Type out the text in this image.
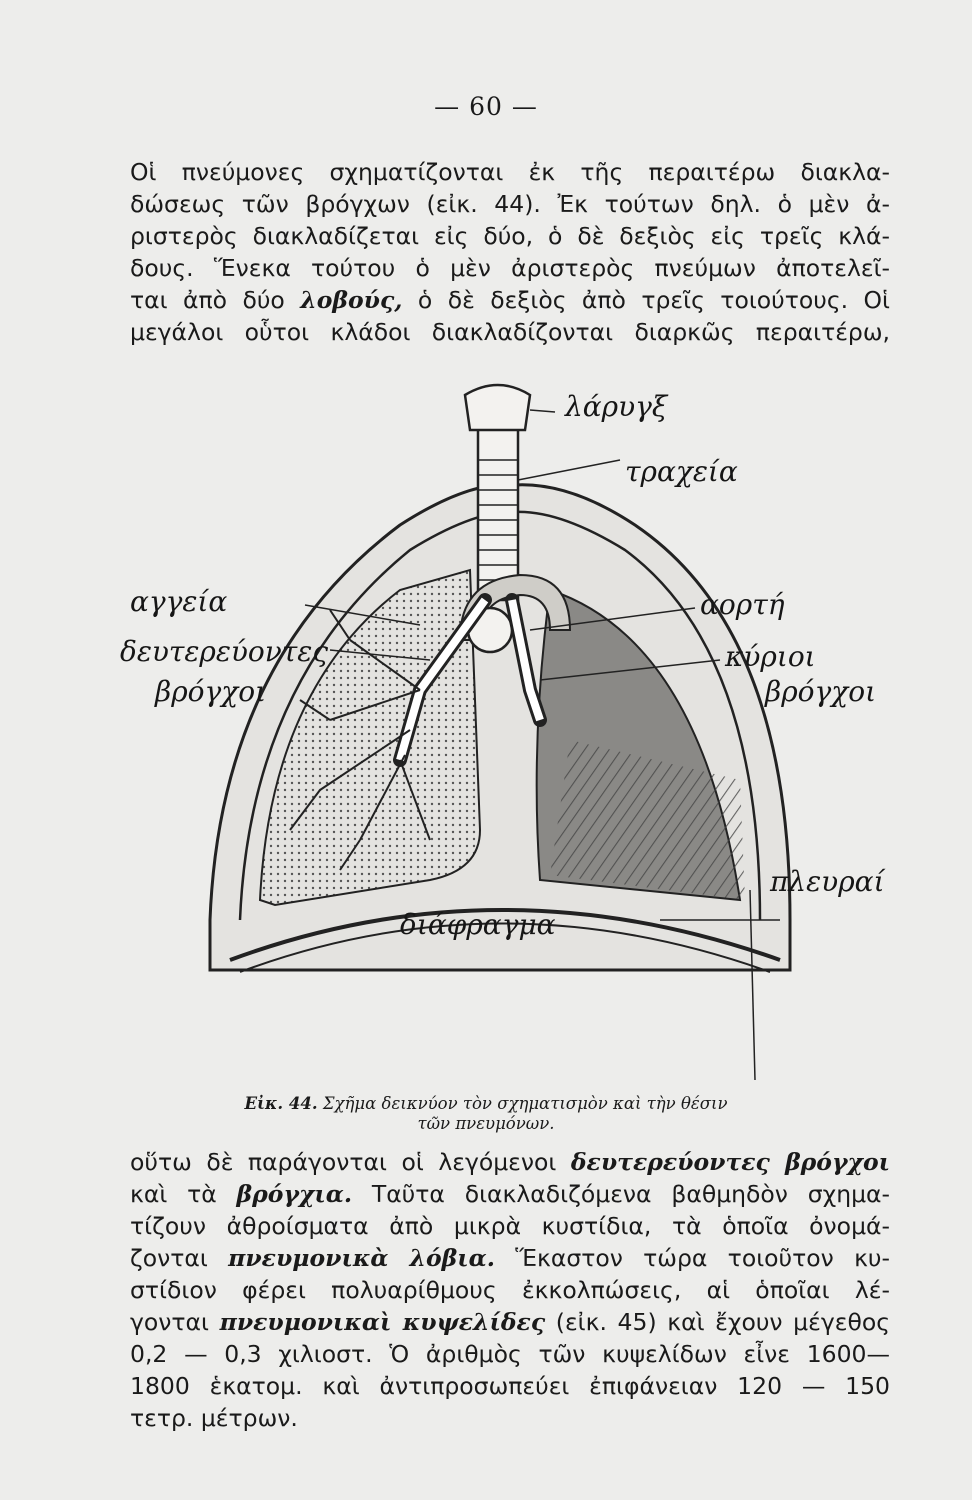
— 60 —
Οἱ πνεύμονες σχηματίζονται ἐκ τῆς περαιτέρω διακλα-
δώσεως τῶν βρόγχων (εἰκ. 44). Ἐκ τούτων δηλ. ὁ μὲν ἀ-
ριστερὸς διακλαδίζεται εἰς δύο, ὁ δὲ δεξιὸς εἰς τρεῖς κλά-
δους. Ἕνεκα τούτου ὁ μὲν ἀριστερὸς πνεύμων ἀποτελεῖ-
ται ἀπὸ δύο λοβούς, ὁ δὲ δεξιὸς ἀπὸ τρεῖς τοιούτους. Οἱ
μεγάλοι οὗτοι κλάδοι διακλαδίζονται διαρκῶς περαιτέρω,
λάρυγξ
τραχεία
αγγεία
δευτερεύοντες
βρόγχοι
αορτή
κύριοι
βρόγχοι
πλευραί
διάφραγμα
Εἰκ. 44. Σχῆμα δεικνύον τὸν σχηματισμὸν καὶ τὴν θέσιν
τῶν πνευμόνων.
οὕτω δὲ παράγονται οἱ λεγόμενοι δευτερεύοντες βρόγχοι
καὶ τὰ βρόγχια. Ταῦτα διακλαδιζόμενα βαθμηδὸν σχημα-
τίζουν ἀθροίσματα ἀπὸ μικρὰ κυστίδια, τὰ ὁποῖα ὀνομά-
ζονται πνευμονικὰ λόβια. Ἕκαστον τώρα τοιοῦτον κυ-
στίδιον φέρει πολυαρίθμους ἐκκολπώσεις, αἱ ὁποῖαι λέ-
γονται πνευμονικαὶ κυψελίδες (εἰκ. 45) καὶ ἔχουν μέγεθος
0,2 — 0,3 χιλιοστ. Ὁ ἀριθμὸς τῶν κυψελίδων εἶνε 1600—
1800 ἑκατομ. καὶ ἀντιπροσωπεύει ἐπιφάνειαν 120 — 150
τετρ. μέτρων.
